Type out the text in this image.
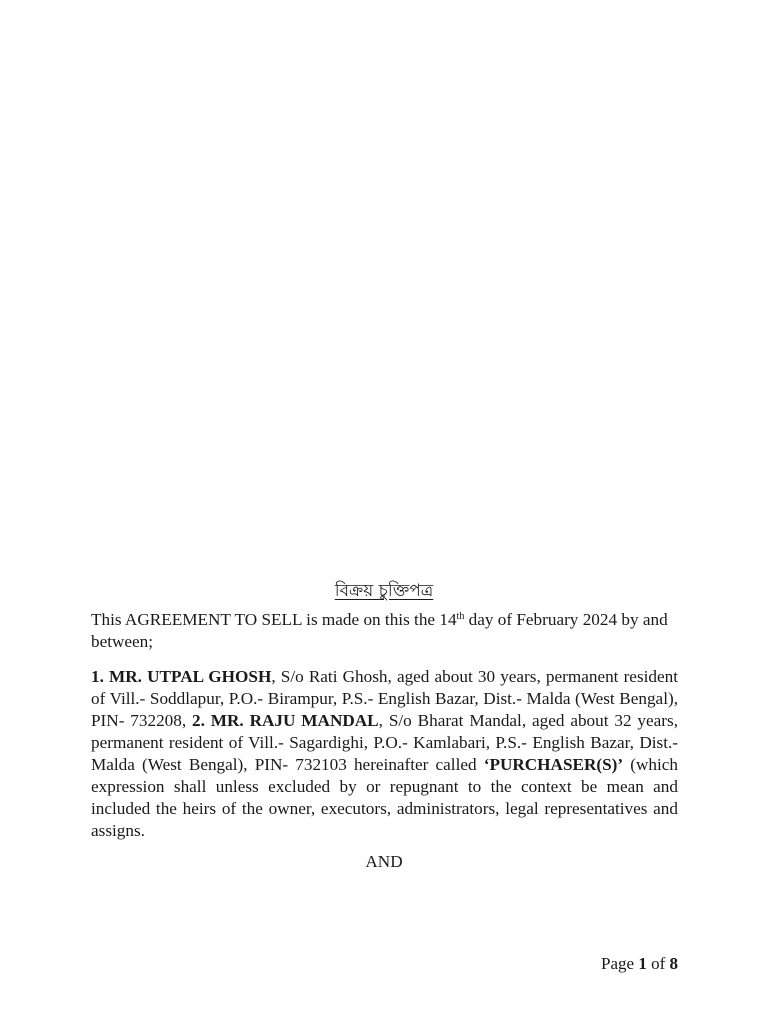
বিক্রয় চুক্তিপত্র

This AGREEMENT TO SELL is made on this the 14th day of February 2024 by and between;

1. MR. UTPAL GHOSH, S/o Rati Ghosh, aged about 30 years, permanent resident of Vill.- Soddlapur, P.O.- Birampur, P.S.- English Bazar, Dist.- Malda (West Bengal), PIN- 732208, 2. MR. RAJU MANDAL, S/o Bharat Mandal, aged about 32 years, permanent resident of Vill.- Sagardighi, P.O.- Kamlabari, P.S.- English Bazar, Dist.- Malda (West Bengal), PIN- 732103 hereinafter called ‘PURCHASER(S)’ (which expression shall unless excluded by or repugnant to the context be mean and included the heirs of the owner, executors, administrators, legal representatives and assigns.

AND
Page 1 of 8
